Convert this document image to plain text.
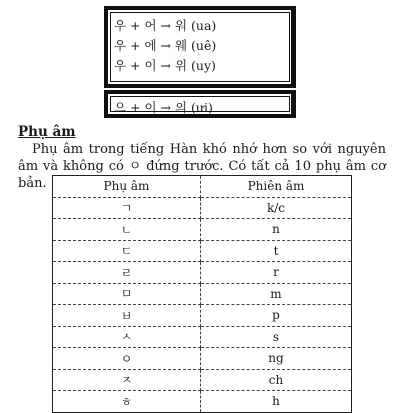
우 + 어 → 워 (ua)
우 + 에 → 웨 (uê)
우 + 이 → 위 (uy)
으 + 이 → 의 (ưi)
Phụ âm
Phụ âm trong tiếng Hàn khó nhớ hơn so với nguyên âm và không có ㅇ đứng trước. Có tất cả 10 phụ âm cơ bản.	Phụ âm	Phiên âm
ㄱ	k/c
ㄴ	n
ㄷ	t
ㄹ	r
ㅁ	m
ㅂ	p
ㅅ	s
ㅇ	ng
ㅈ	ch
ㅎ	h
